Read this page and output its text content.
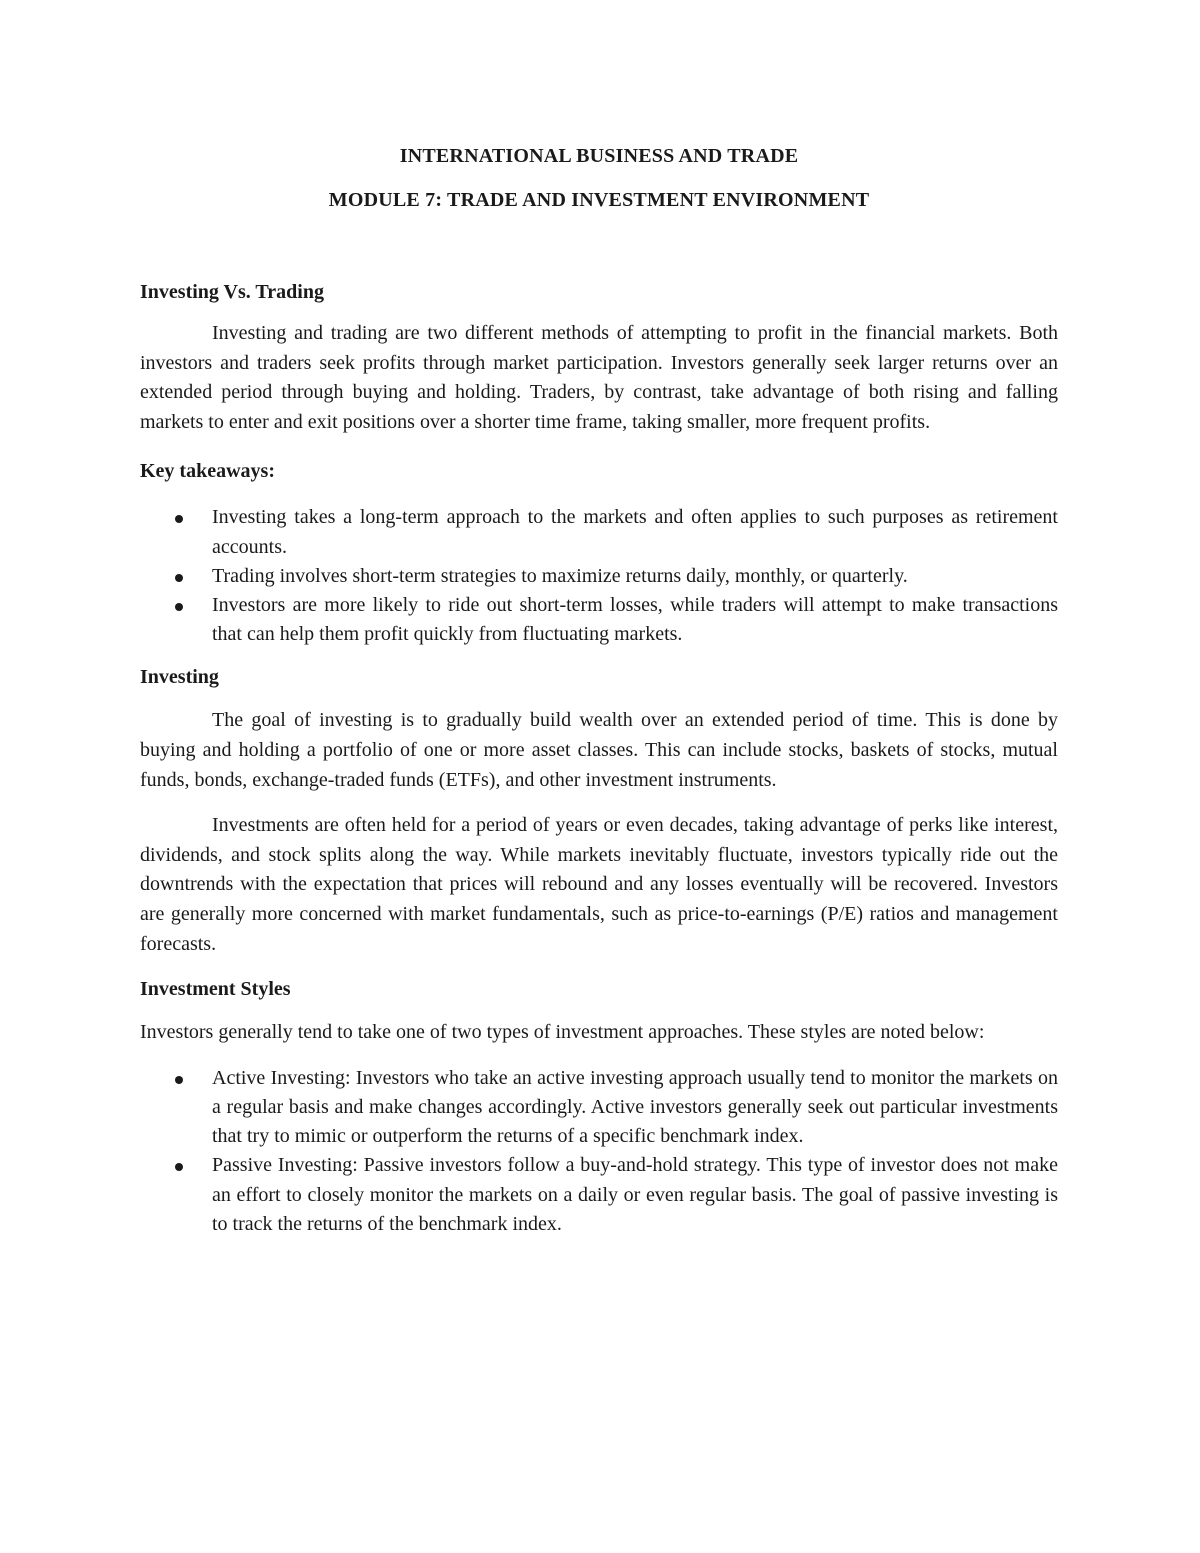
INTERNATIONAL BUSINESS AND TRADE

MODULE 7: TRADE AND INVESTMENT ENVIRONMENT

Investing Vs. Trading

Investing and trading are two different methods of attempting to profit in the financial markets. Both investors and traders seek profits through market participation. Investors generally seek larger returns over an extended period through buying and holding. Traders, by contrast, take advantage of both rising and falling markets to enter and exit positions over a shorter time frame, taking smaller, more frequent profits.

Key takeaways:

Investing takes a long-term approach to the markets and often applies to such purposes as retirement accounts.
Trading involves short-term strategies to maximize returns daily, monthly, or quarterly.
Investors are more likely to ride out short-term losses, while traders will attempt to make transactions that can help them profit quickly from fluctuating markets.

Investing

The goal of investing is to gradually build wealth over an extended period of time. This is done by buying and holding a portfolio of one or more asset classes. This can include stocks, baskets of stocks, mutual funds, bonds, exchange-traded funds (ETFs), and other investment instruments.

Investments are often held for a period of years or even decades, taking advantage of perks like interest, dividends, and stock splits along the way. While markets inevitably fluctuate, investors typically ride out the downtrends with the expectation that prices will rebound and any losses eventually will be recovered. Investors are generally more concerned with market fundamentals, such as price-to-earnings (P/E) ratios and management forecasts.

Investment Styles

Investors generally tend to take one of two types of investment approaches. These styles are noted below:

Active Investing: Investors who take an active investing approach usually tend to monitor the markets on a regular basis and make changes accordingly. Active investors generally seek out particular investments that try to mimic or outperform the returns of a specific benchmark index.
Passive Investing: Passive investors follow a buy-and-hold strategy. This type of investor does not make an effort to closely monitor the markets on a daily or even regular basis. The goal of passive investing is to track the returns of the benchmark index.
